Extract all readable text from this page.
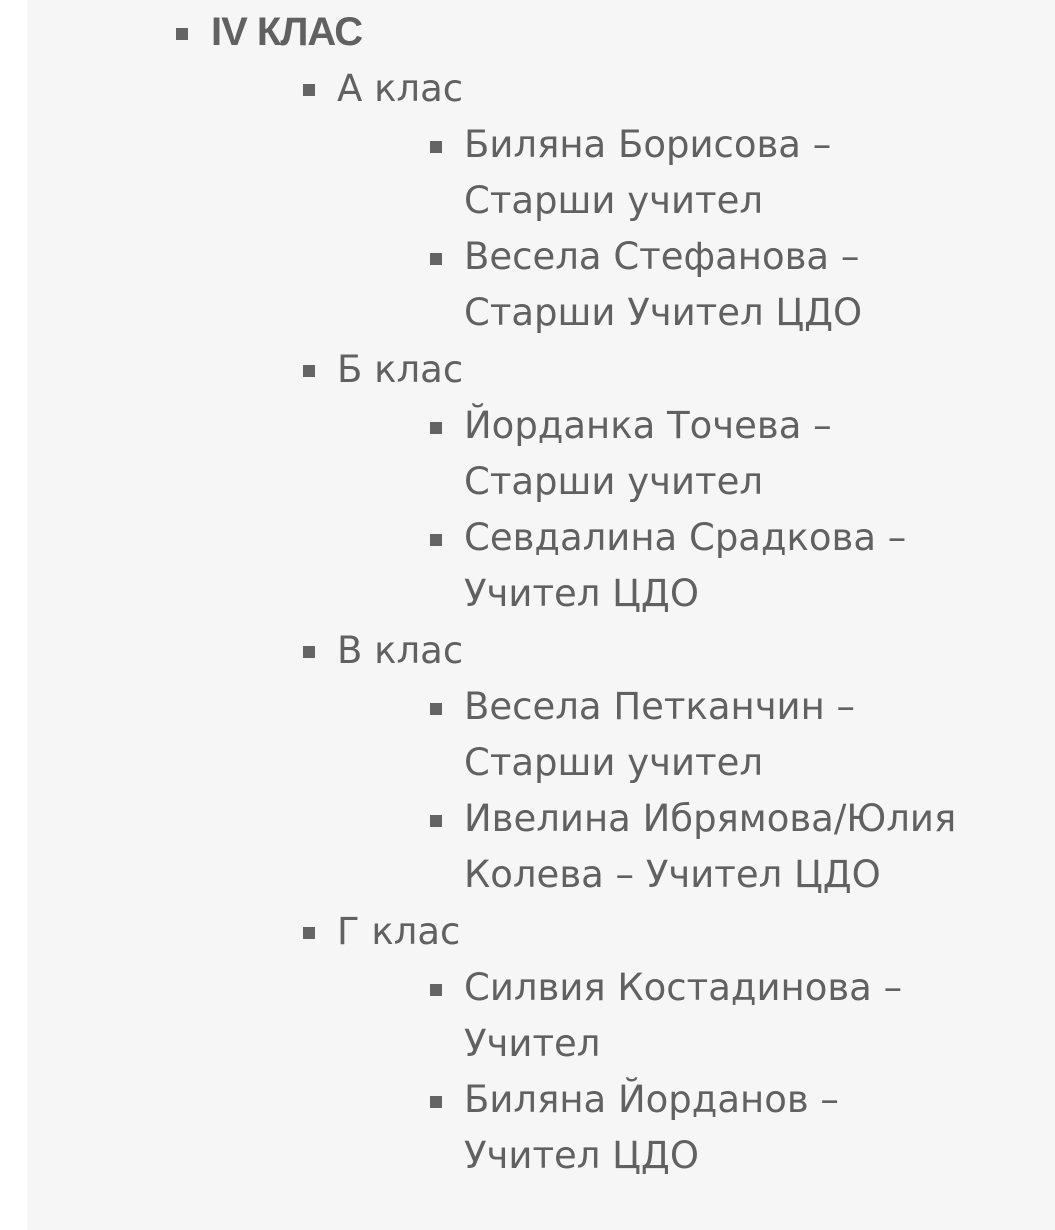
IV КЛАС
А клас
Биляна Борисова –
Старши учител
Весела Стефанова –
Старши Учител ЦДО
Б клас
Йорданка Точева –
Старши учител
Севдалина Срадкова –
Учител ЦДО
В клас
Весела Петканчин –
Старши учител
Ивелина Ибрямова/Юлия
Колева – Учител ЦДО
Г клас
Силвия Костадинова –
Учител
Биляна Йорданов –
Учител ЦДО
